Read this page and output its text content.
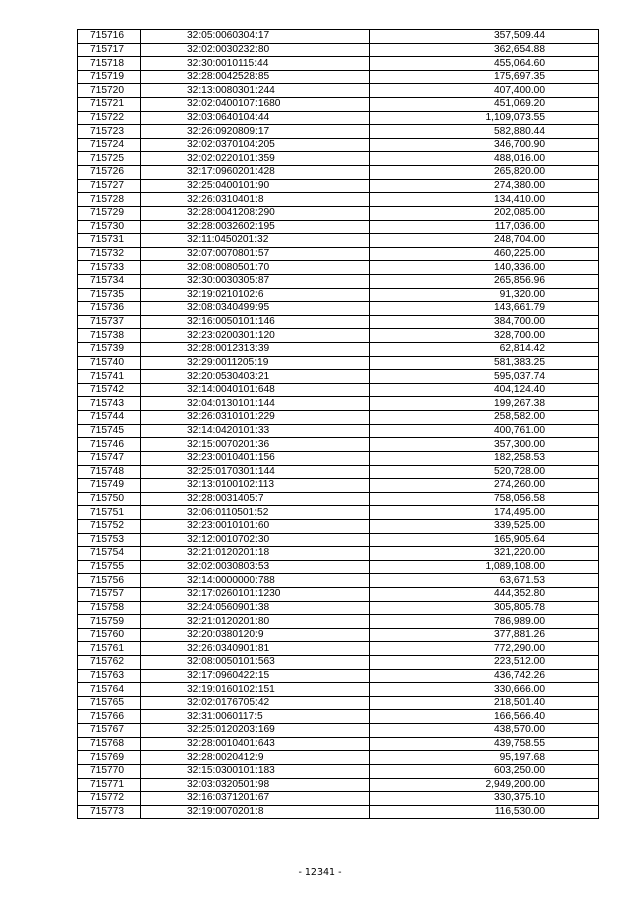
715716	32:05:0060304:17	357,509.44
715717	32:02:0030232:80	362,654.88
715718	32:30:0010115:44	455,064.60
715719	32:28:0042528:85	175,697.35
715720	32:13:0080301:244	407,400.00
715721	32:02:0400107:1680	451,069.20
715722	32:03:0640104:44	1,109,073.55
715723	32:26:0920809:17	582,880.44
715724	32:02:0370104:205	346,700.90
715725	32:02:0220101:359	488,016.00
715726	32:17:0960201:428	265,820.00
715727	32:25:0400101:90	274,380.00
715728	32:26:0310401:8	134,410.00
715729	32:28:0041208:290	202,085.00
715730	32:28:0032602:195	117,036.00
715731	32:11:0450201:32	248,704.00
715732	32:07:0070801:57	460,225.00
715733	32:08:0080501:70	140,336.00
715734	32:30:0030305:87	265,856.96
715735	32:19:0210102:6	91,320.00
715736	32:08:0340499:95	143,661.79
715737	32:16:0050101:146	384,700.00
715738	32:23:0200301:120	328,700.00
715739	32:28:0012313:39	62,814.42
715740	32:29:0011205:19	581,383.25
715741	32:20:0530403:21	595,037.74
715742	32:14:0040101:648	404,124.40
715743	32:04:0130101:144	199,267.38
715744	32:26:0310101:229	258,582.00
715745	32:14:0420101:33	400,761.00
715746	32:15:0070201:36	357,300.00
715747	32:23:0010401:156	182,258.53
715748	32:25:0170301:144	520,728.00
715749	32:13:0100102:113	274,260.00
715750	32:28:0031405:7	758,056.58
715751	32:06:0110501:52	174,495.00
715752	32:23:0010101:60	339,525.00
715753	32:12:0010702:30	165,905.64
715754	32:21:0120201:18	321,220.00
715755	32:02:0030803:53	1,089,108.00
715756	32:14:0000000:788	63,671.53
715757	32:17:0260101:1230	444,352.80
715758	32:24:0560901:38	305,805.78
715759	32:21:0120201:80	786,989.00
715760	32:20:0380120:9	377,881.26
715761	32:26:0340901:81	772,290.00
715762	32:08:0050101:563	223,512.00
715763	32:17:0960422:15	436,742.26
715764	32:19:0160102:151	330,666.00
715765	32:02:0176705:42	218,501.40
715766	32:31:0060117:5	166,566.40
715767	32:25:0120203:169	438,570.00
715768	32:28:0010401:643	439,758.55
715769	32:28:0020412:9	95,197.68
715770	32:15:0300101:183	603,250.00
715771	32:03:0320501:98	2,949,200.00
715772	32:16:0371201:67	330,375.10
715773	32:19:0070201:8	116,530.00
- 12341 -
